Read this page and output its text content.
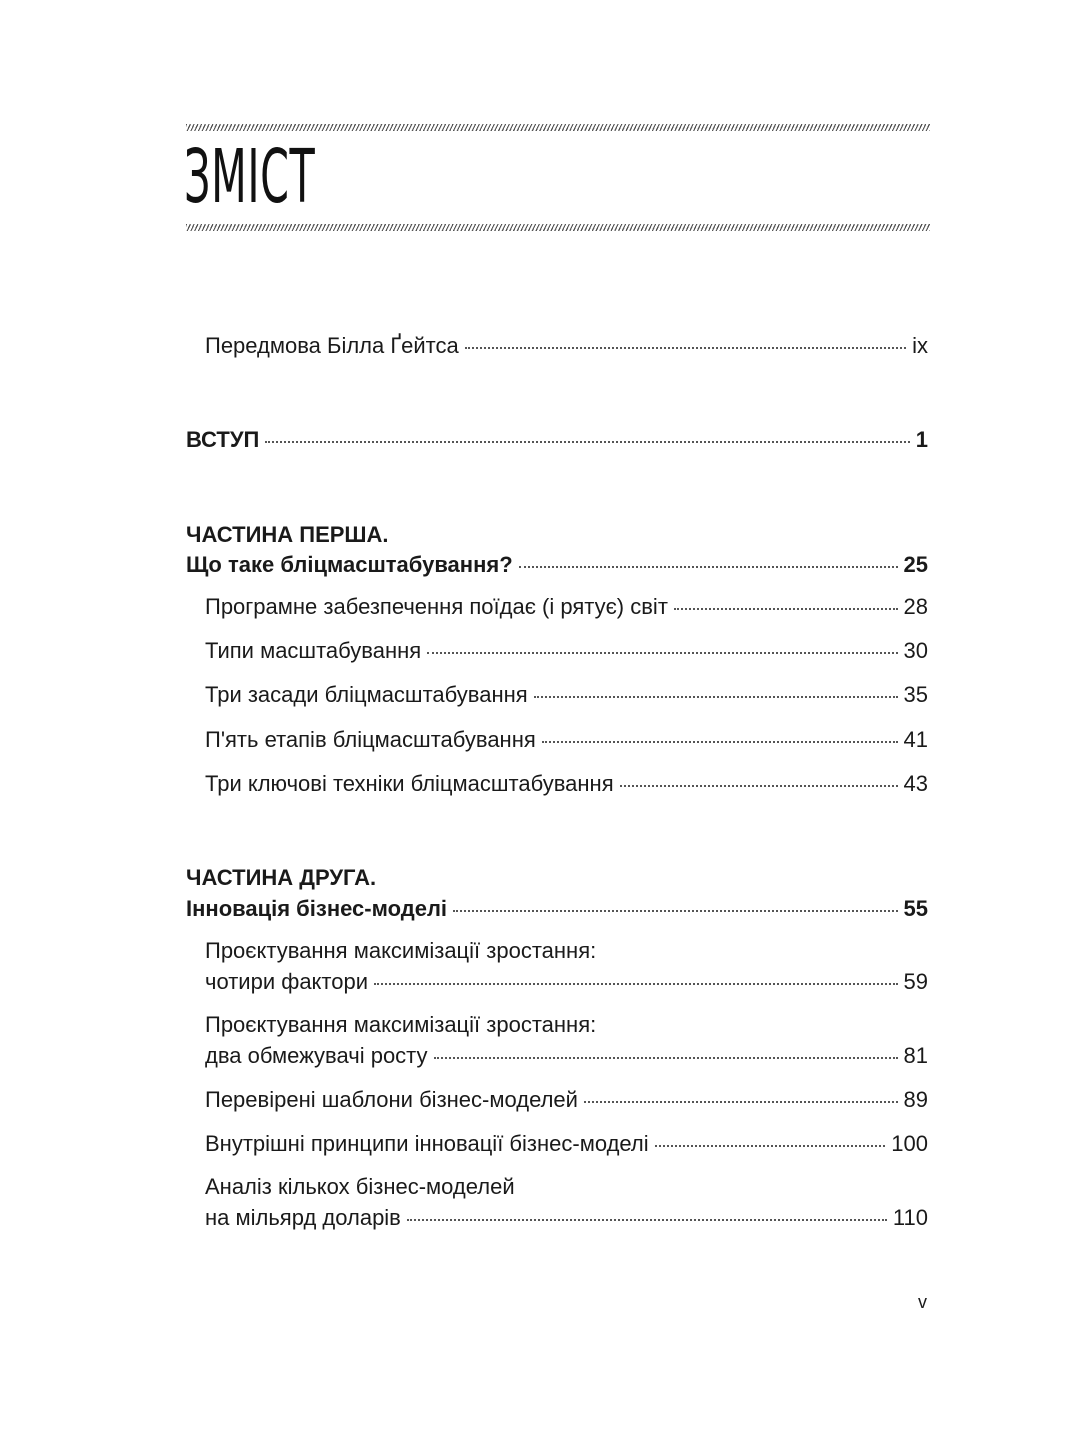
ЗМІСТ
Передмова Білла Ґейтса	ix
ВСТУП	1
ЧАСТИНА ПЕРША.
Що таке бліцмасштабування?	25
Програмне забезпечення поїдає (і рятує) світ	28
Типи масштабування	30
Три засади бліцмасштабування	35
П'ять етапів бліцмасштабування	41
Три ключові техніки бліцмасштабування	43
ЧАСТИНА ДРУГА.
Інновація бізнес-моделі	55
Проєктування максимізації зростання:
чотири фактори	59
Проєктування максимізації зростання:
два обмежувачі росту	81
Перевірені шаблони бізнес-моделей	89
Внутрішні принципи інновації бізнес-моделі	100
Аналіз кількох бізнес-моделей
на мільярд доларів	110
v
